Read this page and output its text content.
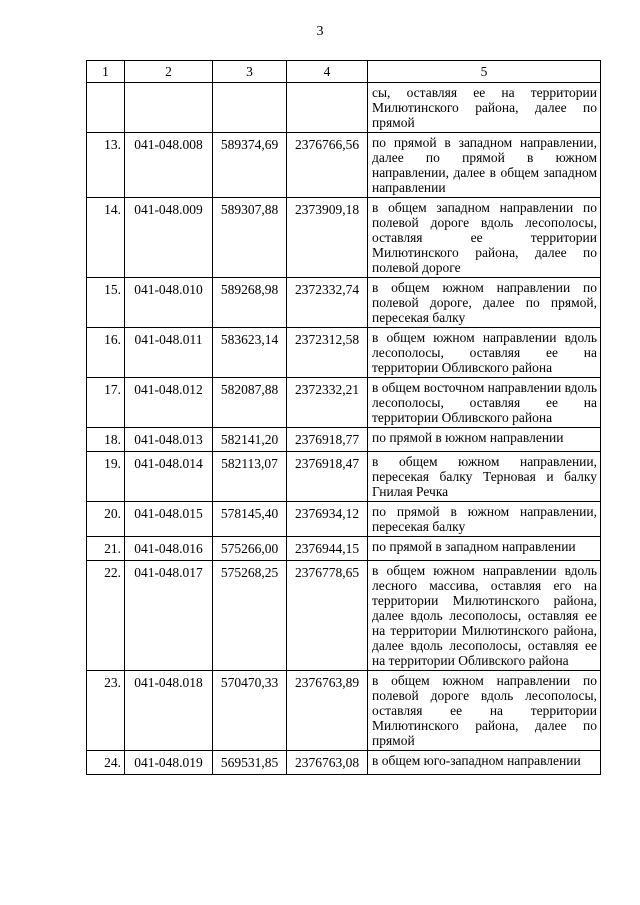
3
1	2	3	4	5
				сы, оставляя ее на территории Милютинского района, далее по прямой
13.	041-048.008	589374,69	2376766,56	по прямой в западном направлении, далее по прямой в южном направлении, далее в общем западном направлении
14.	041-048.009	589307,88	2373909,18	в общем западном направлении по полевой дороге вдоль лесополосы, оставляя ее территории Милютинского района, далее по полевой дороге
15.	041-048.010	589268,98	2372332,74	в общем южном направлении по полевой дороге, далее по прямой, пересекая балку
16.	041-048.011	583623,14	2372312,58	в общем южном направлении вдоль лесополосы, оставляя ее на территории Обливского района
17.	041-048.012	582087,88	2372332,21	в общем восточном направлении вдоль лесополосы, оставляя ее на территории Обливского района
18.	041-048.013	582141,20	2376918,77	по прямой в южном направлении
19.	041-048.014	582113,07	2376918,47	в общем южном направлении, пересекая балку Терновая и балку Гнилая Речка
20.	041-048.015	578145,40	2376934,12	по прямой в южном направлении, пересекая балку
21.	041-048.016	575266,00	2376944,15	по прямой в западном направлении
22.	041-048.017	575268,25	2376778,65	в общем южном направлении вдоль лесного массива, оставляя его на территории Милютинского района, далее вдоль лесополосы, оставляя ее на территории Милютинского района, далее вдоль лесополосы, оставляя ее на территории Обливского района
23.	041-048.018	570470,33	2376763,89	в общем южном направлении по полевой дороге вдоль лесополосы, оставляя ее на территории Милютинского района, далее по прямой
24.	041-048.019	569531,85	2376763,08	в общем юго-западном направлении
